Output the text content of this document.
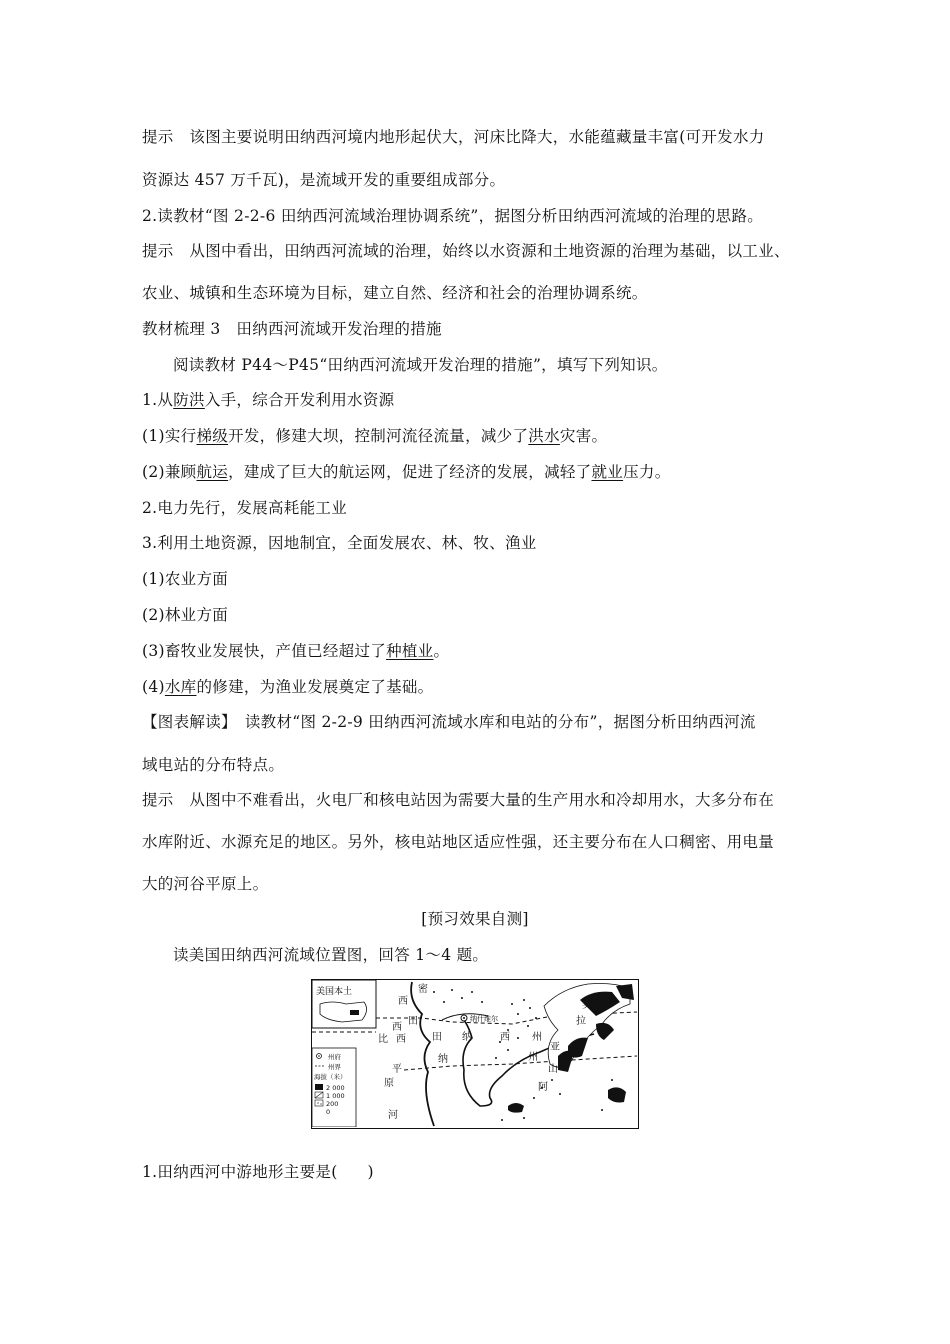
提示　该图主要说明田纳西河境内地形起伏大，河床比降大，水能蕴藏量丰富(可开发水力
资源达 457 万千瓦)，是流域开发的重要组成部分。
2.读教材“图 2-2-6 田纳西河流域治理协调系统”，据图分析田纳西河流域的治理的思路。
提示　从图中看出，田纳西河流域的治理，始终以水资源和土地资源的治理为基础，以工业、
农业、城镇和生态环境为目标，建立自然、经济和社会的治理协调系统。
教材梳理 3　田纳西河流域开发治理的措施
阅读教材 P44～P45“田纳西河流域开发治理的措施”，填写下列知识。
1.从防洪入手，综合开发利用水资源
(1)实行梯级开发，修建大坝，控制河流径流量，减少了洪水灾害。
(2)兼顾航运，建成了巨大的航运网，促进了经济的发展，减轻了就业压力。
2.电力先行，发展高耗能工业
3.利用土地资源，因地制宜，全面发展农、林、牧、渔业
(1)农业方面
(2)林业方面
(3)畜牧业发展快，产值已经超过了种植业。
(4)水库的修建，为渔业发展奠定了基础。
【图表解读】　读教材“图 2-2-9 田纳西河流域水库和电站的分布”，据图分析田纳西河流
域电站的分布特点。
提示　从图中不难看出，火电厂和核电站因为需要大量的生产用水和冷却用水，大多分布在
水库附近、水源充足的地区。另外，核电站地区适应性强，还主要分布在人口稠密、用电量
大的河谷平原上。
[预习效果自测]
读美国田纳西河流域位置图，回答 1～4 题。
美国本土
纳什维尔
西
西
比 西
田
田 纳	西 州
平
原
河
密
山
亚
拉
契
阿
州
纳
州府
州界
海拔（米）
2 000
1 000
200
0
1.田纳西河中游地形主要是( )
